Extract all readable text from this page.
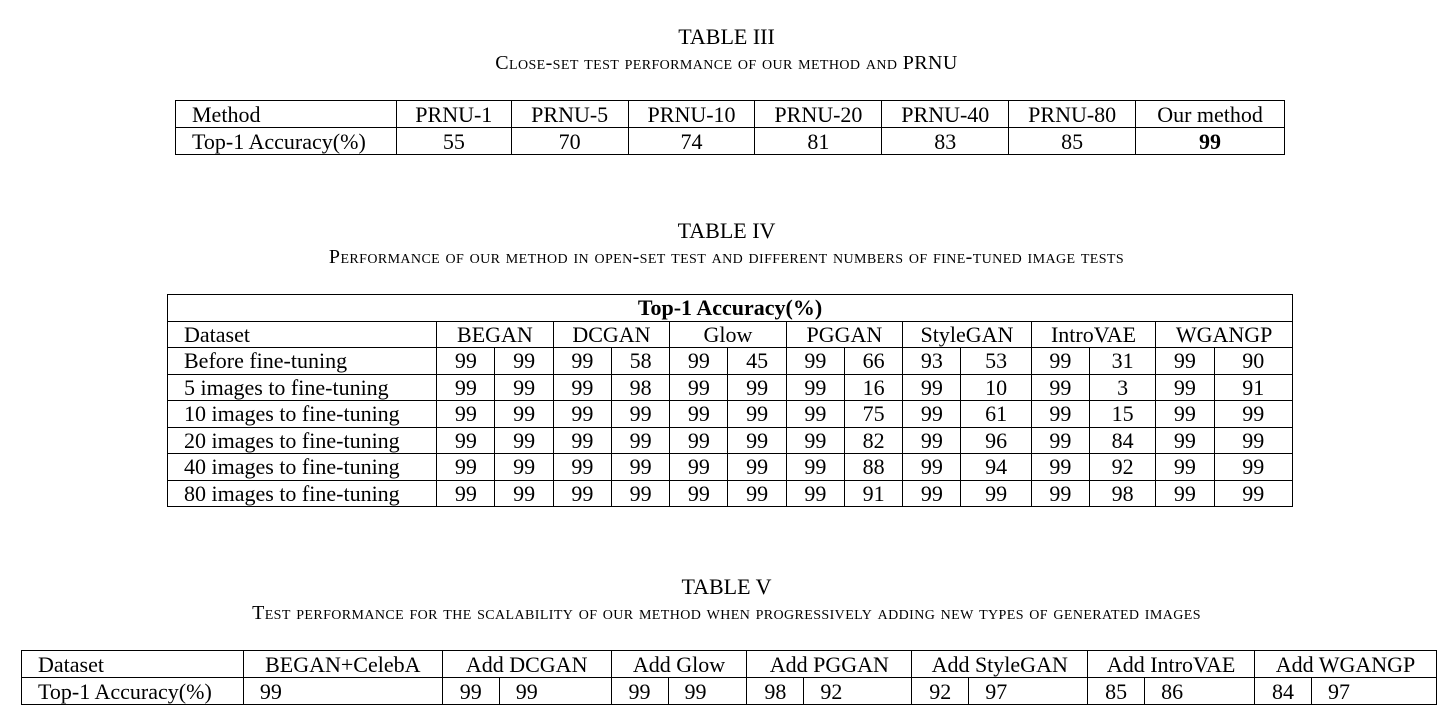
TABLE III
Close-set test performance of our method and PRNU
Method	PRNU-1	PRNU-5	PRNU-10	PRNU-20	PRNU-40	PRNU-80	Our method
Top-1 Accuracy(%)	55	70	74	81	83	85	99
TABLE IV
Performance of our method in open-set test and different numbers of fine-tuned image tests
Top-1 Accuracy(%)														
Dataset	BEGAN		DCGAN		Glow		PGGAN		StyleGAN		IntroVAE		WGANGP	
Before fine-tuning	99	99	99	58	99	45	99	66	93	53	99	31	99	90
5 images to fine-tuning	99	99	99	98	99	99	99	16	99	10	99	3	99	91
10 images to fine-tuning	99	99	99	99	99	99	99	75	99	61	99	15	99	99
20 images to fine-tuning	99	99	99	99	99	99	99	82	99	96	99	84	99	99
40 images to fine-tuning	99	99	99	99	99	99	99	88	99	94	99	92	99	99
80 images to fine-tuning	99	99	99	99	99	99	99	91	99	99	99	98	99	99
TABLE V
Test performance for the scalability of our method when progressively adding new types of generated images
Dataset	BEGAN+CelebA	Add DCGAN		Add Glow		Add PGGAN		Add StyleGAN		Add IntroVAE		Add WGANGP	
Top-1 Accuracy(%)	99	99	99	99	99	98	92	92	97	85	86	84	97
